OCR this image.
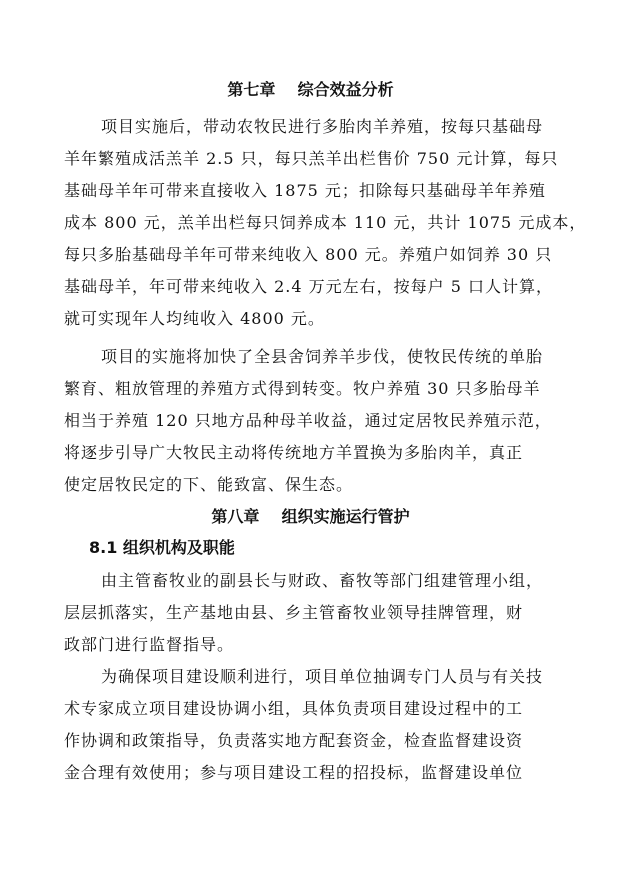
第七章    综合效益分析
项目实施后，带动农牧民进行多胎肉羊养殖，按每只基础母
羊年繁殖成活羔羊 2.5 只，每只羔羊出栏售价 750 元计算，每只
基础母羊年可带来直接收入 1875 元；扣除每只基础母羊年养殖
成本 800 元，羔羊出栏每只饲养成本 110 元，共计 1075 元成本，
每只多胎基础母羊年可带来纯收入 800 元。养殖户如饲养 30 只
基础母羊，年可带来纯收入 2.4 万元左右，按每户 5 口人计算，
就可实现年人均纯收入 4800 元。
项目的实施将加快了全县舍饲养羊步伐，使牧民传统的单胎
繁育、粗放管理的养殖方式得到转变。牧户养殖 30 只多胎母羊
相当于养殖 120 只地方品种母羊收益，通过定居牧民养殖示范，
将逐步引导广大牧民主动将传统地方羊置换为多胎肉羊，真正
使定居牧民定的下、能致富、保生态。
第八章    组织实施运行管护
8.1 组织机构及职能
由主管畜牧业的副县长与财政、畜牧等部门组建管理小组，
层层抓落实，生产基地由县、乡主管畜牧业领导挂牌管理，财
政部门进行监督指导。
为确保项目建设顺利进行，项目单位抽调专门人员与有关技
术专家成立项目建设协调小组，具体负责项目建设过程中的工
作协调和政策指导，负责落实地方配套资金，检查监督建设资
金合理有效使用；参与项目建设工程的招投标，监督建设单位
